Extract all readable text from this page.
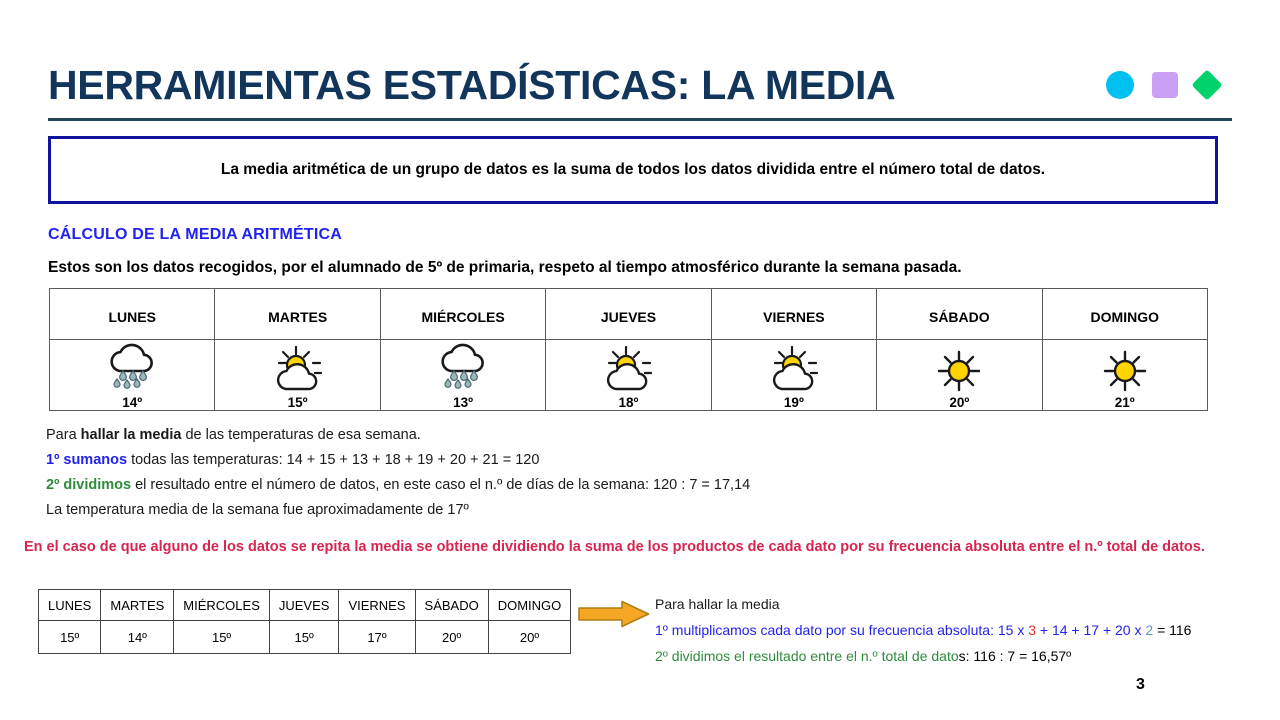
HERRAMIENTAS ESTADÍSTICAS: LA MEDIA
La media aritmética de un grupo de datos es la suma de todos los datos dividida entre el número total de datos.
CÁLCULO DE LA MEDIA ARITMÉTICA
Estos son los datos recogidos, por el alumnado de 5º de primaria, respeto al tiempo atmosférico durante la semana pasada.
LUNES	MARTES	MIÉRCOLES	JUEVES	VIERNES	SÁBADO	DOMINGO

14º	15º	13º	18º	19º	20º	21º
Para hallar la media de las temperaturas de esa semana.
1º sumanos todas las temperaturas: 14 + 15 + 13 + 18 + 19 + 20 + 21 = 120
2º dividimos el resultado entre el número de datos, en este caso el n.º de días de la semana: 120 : 7 = 17,14
La temperatura media de la semana fue aproximadamente de 17º
En el caso de que alguno de los datos se repita la media se obtiene dividiendo la suma de los productos de cada dato por su frecuencia absoluta entre el n.º total de datos.
LUNES	MARTES	MIÉRCOLES	JUEVES	VIERNES	SÁBADO	DOMINGO
15º	14º	15º	15º	17º	20º	20º
Para hallar la media
1º multiplicamos cada dato por su frecuencia absoluta: 15 x 3 + 14 + 17 + 20 x 2 = 116
2º dividimos el resultado entre el n.º total de datos: 116 : 7 = 16,57º
3
